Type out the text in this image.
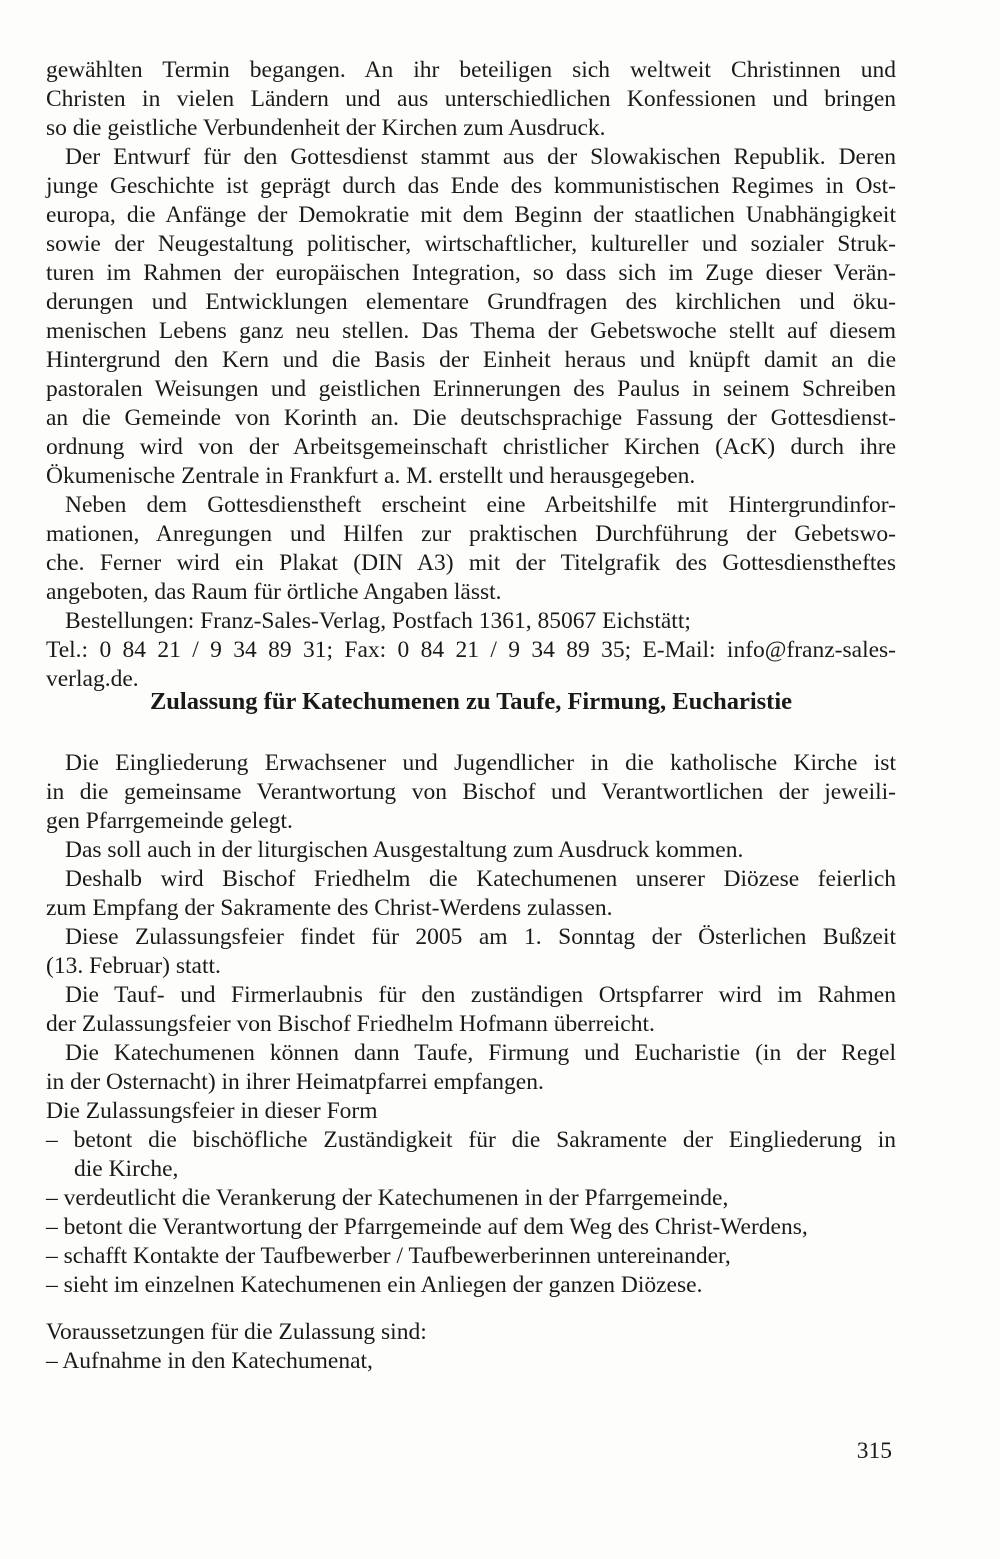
gewählten Termin begangen. An ihr beteiligen sich weltweit Christinnen und
Christen in vielen Ländern und aus unterschiedlichen Konfessionen und bringen
so die geistliche Verbundenheit der Kirchen zum Ausdruck.
Der Entwurf für den Gottesdienst stammt aus der Slowakischen Republik. Deren
junge Geschichte ist geprägt durch das Ende des kommunistischen Regimes in Ost-
europa, die Anfänge der Demokratie mit dem Beginn der staatlichen Unabhängigkeit
sowie der Neugestaltung politischer, wirtschaftlicher, kultureller und sozialer Struk-
turen im Rahmen der europäischen Integration, so dass sich im Zuge dieser Verän-
derungen und Entwicklungen elementare Grundfragen des kirchlichen und öku-
menischen Lebens ganz neu stellen. Das Thema der Gebetswoche stellt auf diesem
Hintergrund den Kern und die Basis der Einheit heraus und knüpft damit an die
pastoralen Weisungen und geistlichen Erinnerungen des Paulus in seinem Schreiben
an die Gemeinde von Korinth an. Die deutschsprachige Fassung der Gottesdienst-
ordnung wird von der Arbeitsgemeinschaft christlicher Kirchen (AcK) durch ihre
Ökumenische Zentrale in Frankfurt a. M. erstellt und herausgegeben.
Neben dem Gottesdienstheft erscheint eine Arbeitshilfe mit Hintergrundinfor-
mationen, Anregungen und Hilfen zur praktischen Durchführung der Gebetswo-
che. Ferner wird ein Plakat (DIN A3) mit der Titelgrafik des Gottesdienstheftes
angeboten, das Raum für örtliche Angaben lässt.
Bestellungen: Franz-Sales-Verlag, Postfach 1361, 85067 Eichstätt;
Tel.: 0 84 21 / 9 34 89 31; Fax: 0 84 21 / 9 34 89 35; E-Mail: info@franz-sales-
verlag.de.
Zulassung für Katechumenen zu Taufe, Firmung, Eucharistie
Die Eingliederung Erwachsener und Jugendlicher in die katholische Kirche ist
in die gemeinsame Verantwortung von Bischof und Verantwortlichen der jeweili-
gen Pfarrgemeinde gelegt.
Das soll auch in der liturgischen Ausgestaltung zum Ausdruck kommen.
Deshalb wird Bischof Friedhelm die Katechumenen unserer Diözese feierlich
zum Empfang der Sakramente des Christ-Werdens zulassen.
Diese Zulassungsfeier findet für 2005 am 1. Sonntag der Österlichen Bußzeit
(13. Februar) statt.
Die Tauf- und Firmerlaubnis für den zuständigen Ortspfarrer wird im Rahmen
der Zulassungsfeier von Bischof Friedhelm Hofmann überreicht.
Die Katechumenen können dann Taufe, Firmung und Eucharistie (in der Regel
in der Osternacht) in ihrer Heimatpfarrei empfangen.
Die Zulassungsfeier in dieser Form
– betont die bischöfliche Zuständigkeit für die Sakramente der Eingliederung in
die Kirche,
– verdeutlicht die Verankerung der Katechumenen in der Pfarrgemeinde,
– betont die Verantwortung der Pfarrgemeinde auf dem Weg des Christ-Werdens,
– schafft Kontakte der Taufbewerber / Taufbewerberinnen untereinander,
– sieht im einzelnen Katechumenen ein Anliegen der ganzen Diözese.
Voraussetzungen für die Zulassung sind:
– Aufnahme in den Katechumenat,
315
